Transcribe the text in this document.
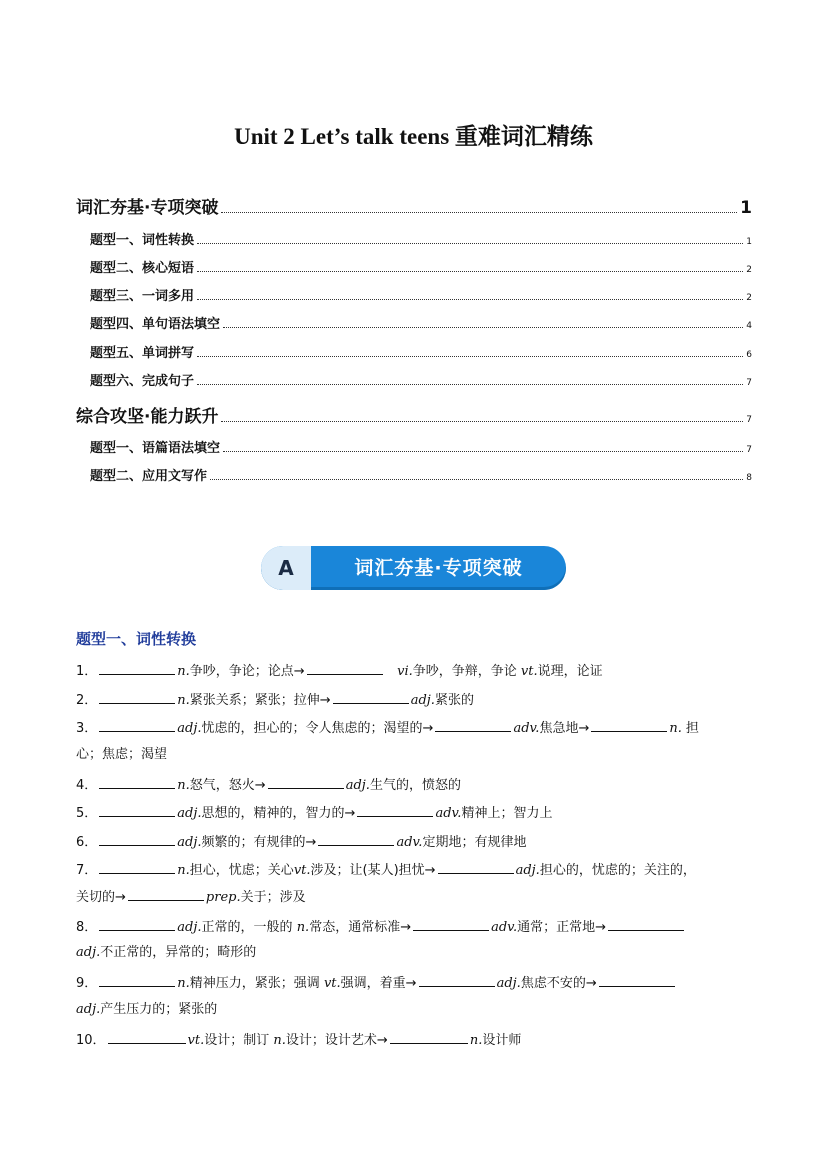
Unit 2 Let’s talk teens 重难词汇精练
词汇夯基·专项突破	1
题型一、词性转换	1
题型二、核心短语	2
题型三、一词多用	2
题型四、单句语法填空	4
题型五、单词拼写	6
题型六、完成句子	7
综合攻坚·能力跃升	7
题型一、语篇语法填空	7
题型二、应用文写作	8
A	词汇夯基·专项突破
题型一、词性转换
1．	n.争吵，争论；论点→	vi.争吵，争辩，争论 vt.说理，论证
2．	n.紧张关系；紧张；拉伸→	adj.紧张的
3．	adj.忧虑的，担心的；令人焦虑的；渴望的→	adv.焦急地→	n. 担
心；焦虑；渴望
4．	n.怒气，怒火→	adj.生气的，愤怒的
5．	adj.思想的，精神的，智力的→	adv.精神上；智力上
6．	adj.频繁的；有规律的→	adv.定期地；有规律地
7．	n.担心，忧虑；关心vt.涉及；让(某人)担忧→	adj.担心的，忧虑的；关注的，
关切的→	prep.关于；涉及
8．	adj.正常的，一般的 n.常态，通常标准→	adv.通常；正常地→
adj.不正常的，异常的；畸形的
9．	n.精神压力，紧张；强调 vt.强调，着重→	adj.焦虑不安的→
adj.产生压力的；紧张的
10．	vt.设计；制订 n.设计；设计艺术→	n.设计师
